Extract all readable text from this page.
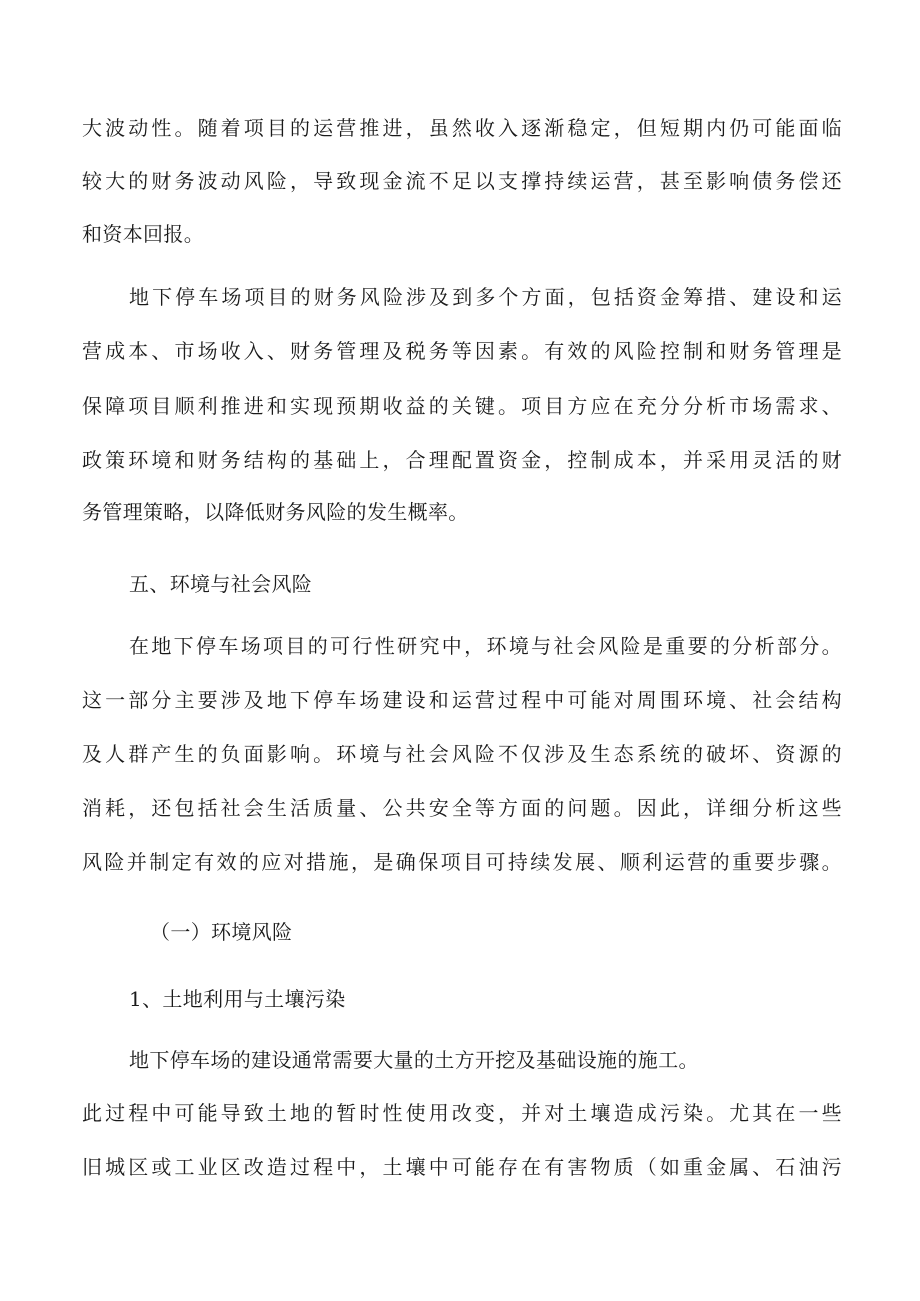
大波动性。随着项目的运营推进，虽然收入逐渐稳定，但短期内仍可能面临
较大的财务波动风险，导致现金流不足以支撑持续运营，甚至影响债务偿还
和资本回报。
地下停车场项目的财务风险涉及到多个方面，包括资金筹措、建设和运
营成本、市场收入、财务管理及税务等因素。有效的风险控制和财务管理是
保障项目顺利推进和实现预期收益的关键。项目方应在充分分析市场需求、
政策环境和财务结构的基础上，合理配置资金，控制成本，并采用灵活的财
务管理策略，以降低财务风险的发生概率。
五、环境与社会风险
在地下停车场项目的可行性研究中，环境与社会风险是重要的分析部分。
这一部分主要涉及地下停车场建设和运营过程中可能对周围环境、社会结构
及人群产生的负面影响。环境与社会风险不仅涉及生态系统的破坏、资源的
消耗，还包括社会生活质量、公共安全等方面的问题。因此，详细分析这些
风险并制定有效的应对措施，是确保项目可持续发展、顺利运营的重要步骤。
（一）环境风险
1、土地利用与土壤污染
地下停车场的建设通常需要大量的土方开挖及基础设施的施工。
此过程中可能导致土地的暂时性使用改变，并对土壤造成污染。尤其在一些
旧城区或工业区改造过程中，土壤中可能存在有害物质（如重金属、石油污
